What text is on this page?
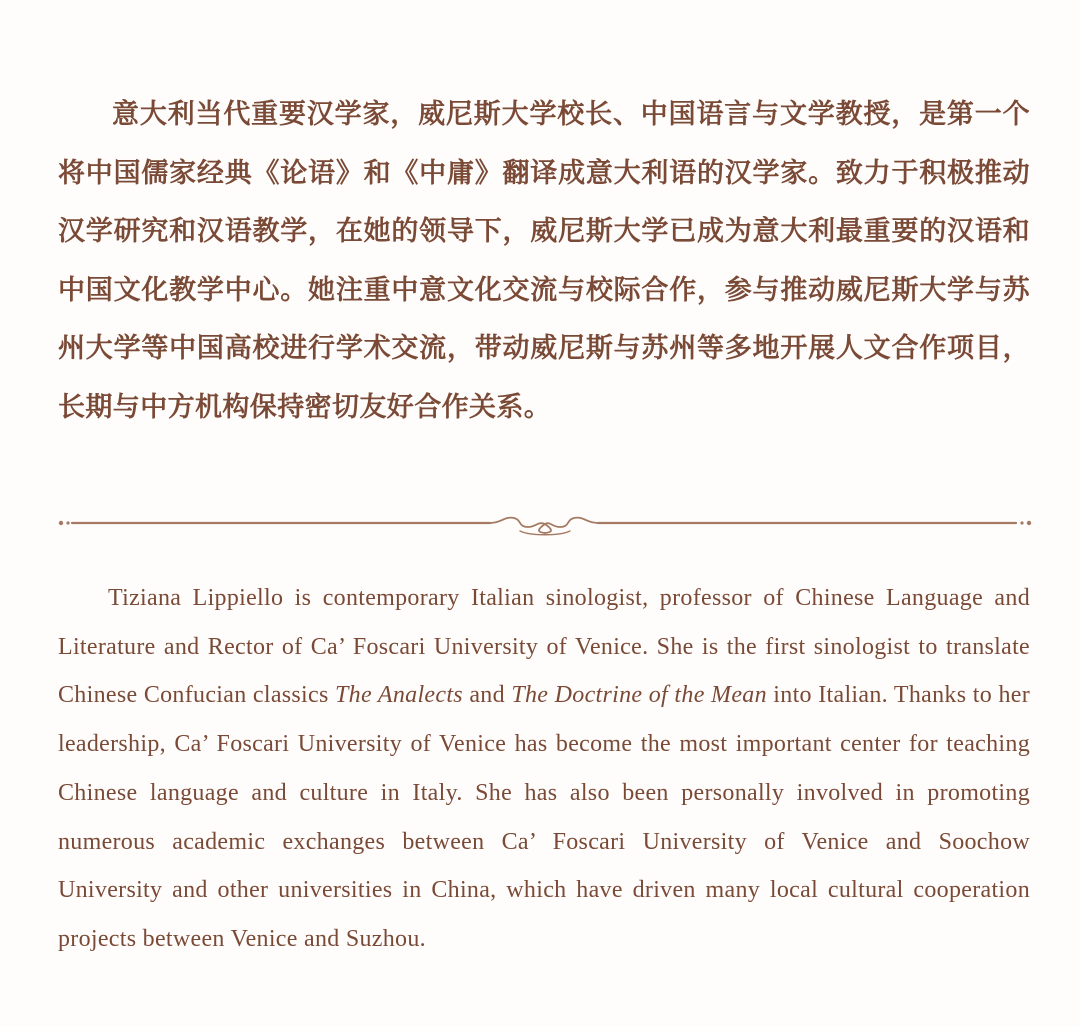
意大利当代重要汉学家，威尼斯大学校长、中国语言与文学教授，是第一个将中国儒家经典《论语》和《中庸》翻译成意大利语的汉学家。致力于积极推动汉学研究和汉语教学，在她的领导下，威尼斯大学已成为意大利最重要的汉语和中国文化教学中心。她注重中意文化交流与校际合作，参与推动威尼斯大学与苏州大学等中国高校进行学术交流，带动威尼斯与苏州等多地开展人文合作项目，长期与中方机构保持密切友好合作关系。

Tiziana Lippiello is contemporary Italian sinologist, professor of Chinese Language and Literature and Rector of Ca’ Foscari University of Venice. She is the first sinologist to translate Chinese Confucian classics The Analects and The Doctrine of the Mean into Italian. Thanks to her leadership, Ca’ Foscari University of Venice has become the most important center for teaching Chinese language and culture in Italy. She has also been personally involved in promoting numerous academic exchanges between Ca’ Foscari University of Venice and Soochow University and other universities in China, which have driven many local cultural cooperation projects between Venice and Suzhou.
